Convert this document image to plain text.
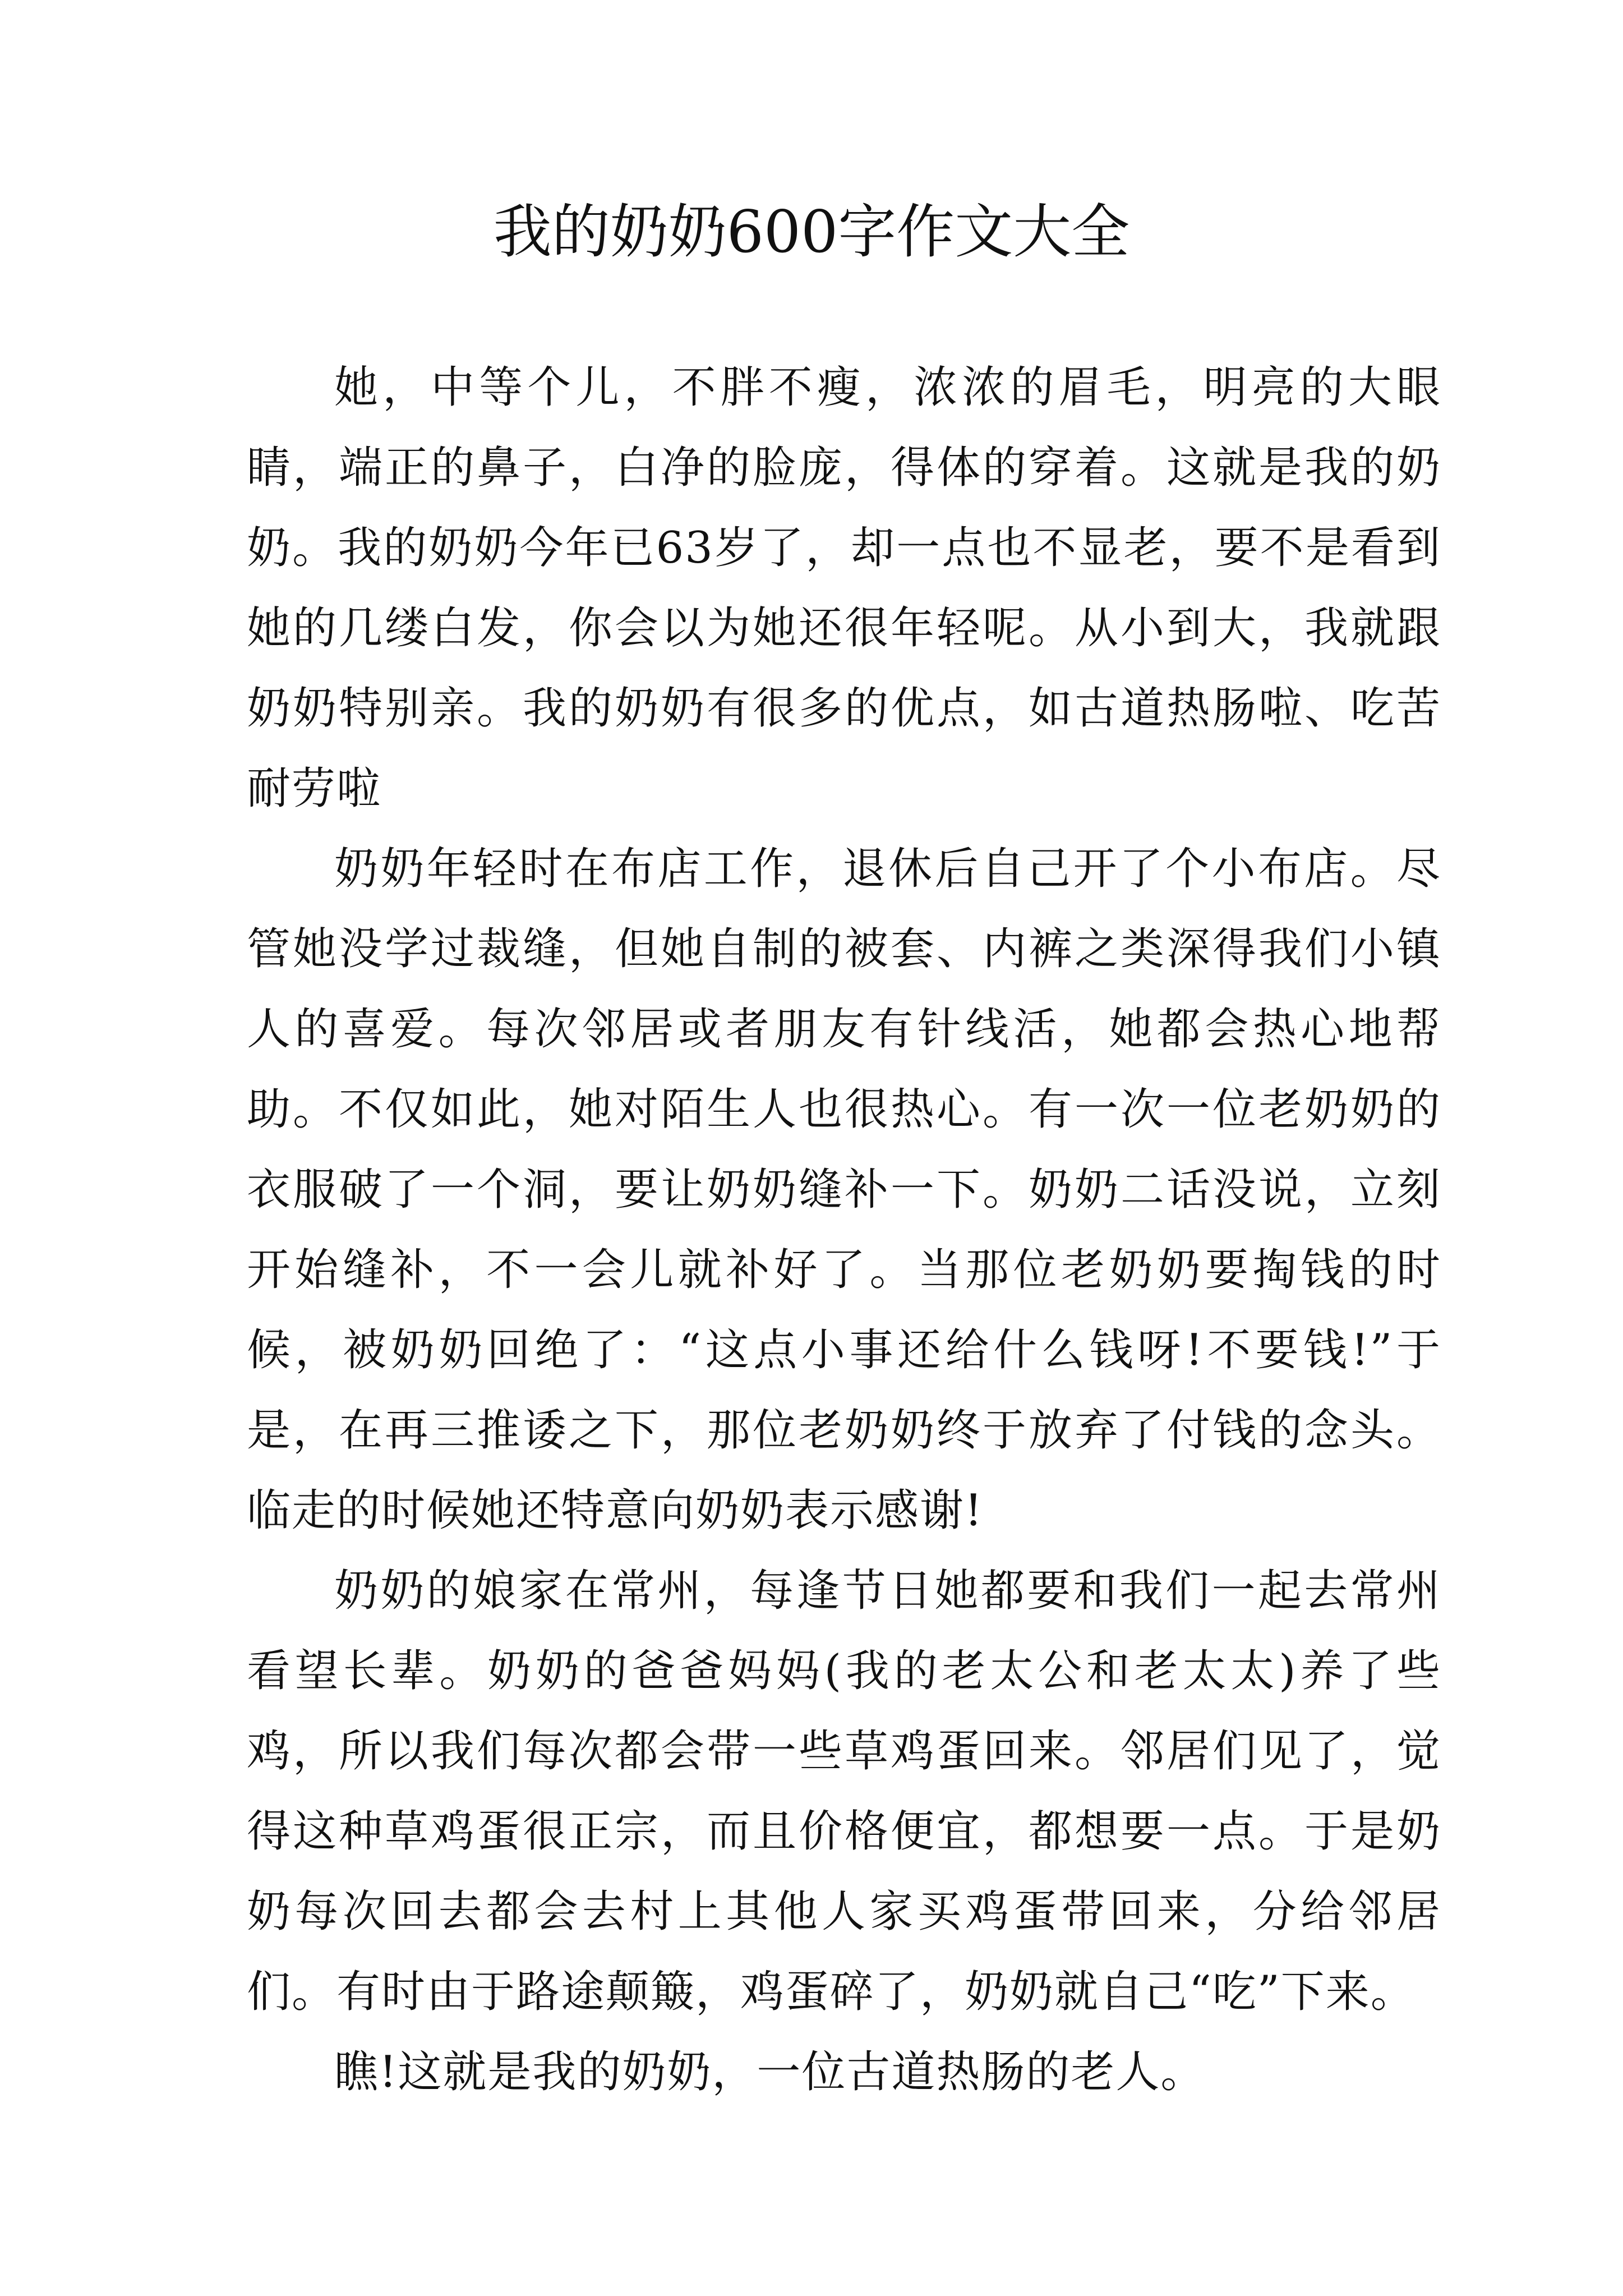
我的奶奶600字作文大全

她，中等个儿，不胖不瘦，浓浓的眉毛，明亮的大眼睛，端正的鼻子，白净的脸庞，得体的穿着。这就是我的奶奶。我的奶奶今年已63岁了，却一点也不显老，要不是看到她的几缕白发，你会以为她还很年轻呢。从小到大，我就跟奶奶特别亲。我的奶奶有很多的优点，如古道热肠啦、吃苦耐劳啦

奶奶年轻时在布店工作，退休后自己开了个小布店。尽管她没学过裁缝，但她自制的被套、内裤之类深得我们小镇人的喜爱。每次邻居或者朋友有针线活，她都会热心地帮助。不仅如此，她对陌生人也很热心。有一次一位老奶奶的衣服破了一个洞，要让奶奶缝补一下。奶奶二话没说，立刻开始缝补，不一会儿就补好了。当那位老奶奶要掏钱的时候，被奶奶回绝了：“这点小事还给什么钱呀!不要钱!”于是，在再三推诿之下，那位老奶奶终于放弃了付钱的念头。临走的时候她还特意向奶奶表示感谢!

奶奶的娘家在常州，每逢节日她都要和我们一起去常州看望长辈。奶奶的爸爸妈妈(我的老太公和老太太)养了些鸡，所以我们每次都会带一些草鸡蛋回来。邻居们见了，觉得这种草鸡蛋很正宗，而且价格便宜，都想要一点。于是奶奶每次回去都会去村上其他人家买鸡蛋带回来，分给邻居们。有时由于路途颠簸，鸡蛋碎了，奶奶就自己“吃”下来。

瞧!这就是我的奶奶，一位古道热肠的老人。
